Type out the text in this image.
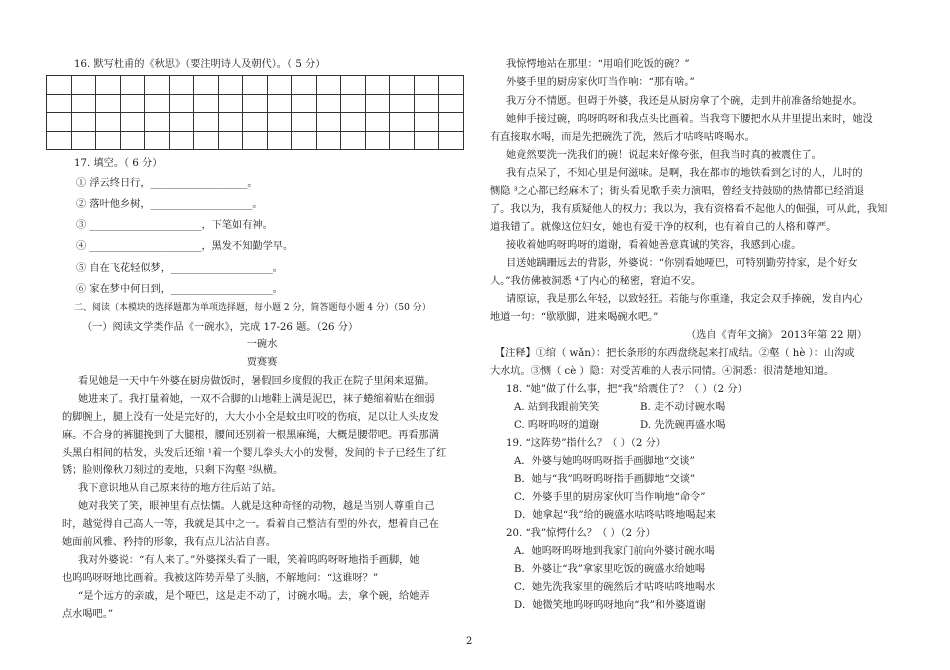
16. 默写杜甫的《秋思》（要注明诗人及朝代）。（ 5 分）

17. 填空。（ 6 分）
① 浮云终日行，___________________。
② 落叶他乡树，____________________。
③ ______________________，下笔如有神。
④ ______________________，黑发不知勤学早。
⑤ 自在飞花轻似梦，____________________。
⑥ 家在梦中何日到，____________________。
二、阅读（本模块的选择题都为单项选择题，每小题 2 分，简答题每小题 4 分）（50 分）
（一）阅读文学类作品《一碗水》，完成 17-26 题。（26 分）
一碗水
贾赛赛
看见她是一天中午外婆在厨房做饭时，暑假回乡度假的我正在院子里闲来逗猫。
她进来了。我打量着她，一双不合脚的山地鞋上满是泥巴，袜子蜷缩着贴在细弱
的脚腕上，腿上没有一处是完好的，大大小小全是蚊虫叮咬的伤痕，足以让人头皮发
麻。不合身的裤腿挽到了大腿根，腰间还别着一根黑麻绳，大概是腰带吧。再看那满
头黑白相间的枯发，头发后还缩 ¹着一个婴儿拳头大小的发髻，发间的卡子已经生了红
锈；脸则像秋刀刻过的麦地，只剩下沟壑 ²纵横。
我下意识地从自己原来待的地方往后站了站。
她对我笑了笑，眼神里有点怯懦。人就是这种奇怪的动物，越是当别人尊重自己
时，越觉得自己高人一等，我就是其中之一。看着自己整洁有型的外衣，想着自己在
她面前风雅、矜持的形象，我有点儿沾沾自喜。
我对外婆说：“有人来了。”外婆探头看了一眼，笑着呜呜呀呀地指手画脚，她
也呜呜呀呀地比画着。我被这阵势弄晕了头脑，不解地问：“这谁呀？”
“是个远方的亲戚，是个哑巴，这是走不动了，讨碗水喝。去，拿个碗，给她弄
点水喝吧。”
我惊愕地站在那里：“用咱们吃饭的碗？”
外婆手里的厨房家伙叮当作响：“那有啥。”
我万分不情愿。但碍于外婆，我还是从厨房拿了个碗，走到井前准备给她提水。
她伸手接过碗，呜呀呜呀和我点头比画着。当我弯下腰把水从井里提出来时，她没
有直接取水喝，而是先把碗洗了洗，然后才咕咚咕咚喝水。
她竟然要洗一洗我们的碗！说起来好像夸张，但我当时真的被震住了。
我有点呆了，不知心里是何滋味。是啊，我在都市的地铁看到乞讨的人，儿时的
恻隐 ³之心都已经麻木了；街头看见歌手卖力演唱，曾经支持鼓励的热情都已经消退
了。我以为，我有质疑他人的权力；我以为，我有资格看不起他人的倔强，可从此，我知
道我错了。就像这位妇女，她也有爱干净的权利，也有着自己的人格和尊严。
接收着她呜呀呜呀的道谢，看着她善意真诚的笑容，我感到心虚。
目送她蹒跚远去的背影，外婆说：“你别看她哑巴，可特别勤劳持家，是个好女
人。”我仿佛被洞悉 ⁴了内心的秘密，窘迫不安。
请原谅，我是那么年轻，以致轻狂。若能与你重逢，我定会双手捧碗，发自内心
地道一句：“歇歇脚，进来喝碗水吧。”
（选自《青年文摘》 2013年第 22 期）
【注释】①绾（ wǎn）：把长条形的东西盘绕起来打成结。②壑（ hè ）：山沟或
大水坑。③恻（ cè ）隐：对受苦难的人表示同情。④洞悉：很清楚地知道。
18. “她”做了什么事，把“我”给震住了？（ ）（2 分）
A. 站到我跟前笑笑	B. 走不动讨碗水喝
C. 呜呀呜呀的道谢	D. 先洗碗再盛水喝
19. “这阵势”指什么？（ ）（2 分）
A．外婆与她呜呀呜呀指手画脚地“交谈”
B．她与“我”呜呀呜呀指手画脚地“交谈”
C．外婆手里的厨房家伙叮当作响地“命令”
D．她拿起“我”给的碗盛水咕咚咕咚地喝起来
20. “我”惊愕什么？（ ）（2 分）
A．她呜呀呜呀地到我家门前向外婆讨碗水喝
B．外婆让“我”拿家里吃饭的碗盛水给她喝
C．她先洗我家里的碗然后才咕咚咕咚地喝水
D．她微笑地呜呀呜呀地向“我”和外婆道谢
2
